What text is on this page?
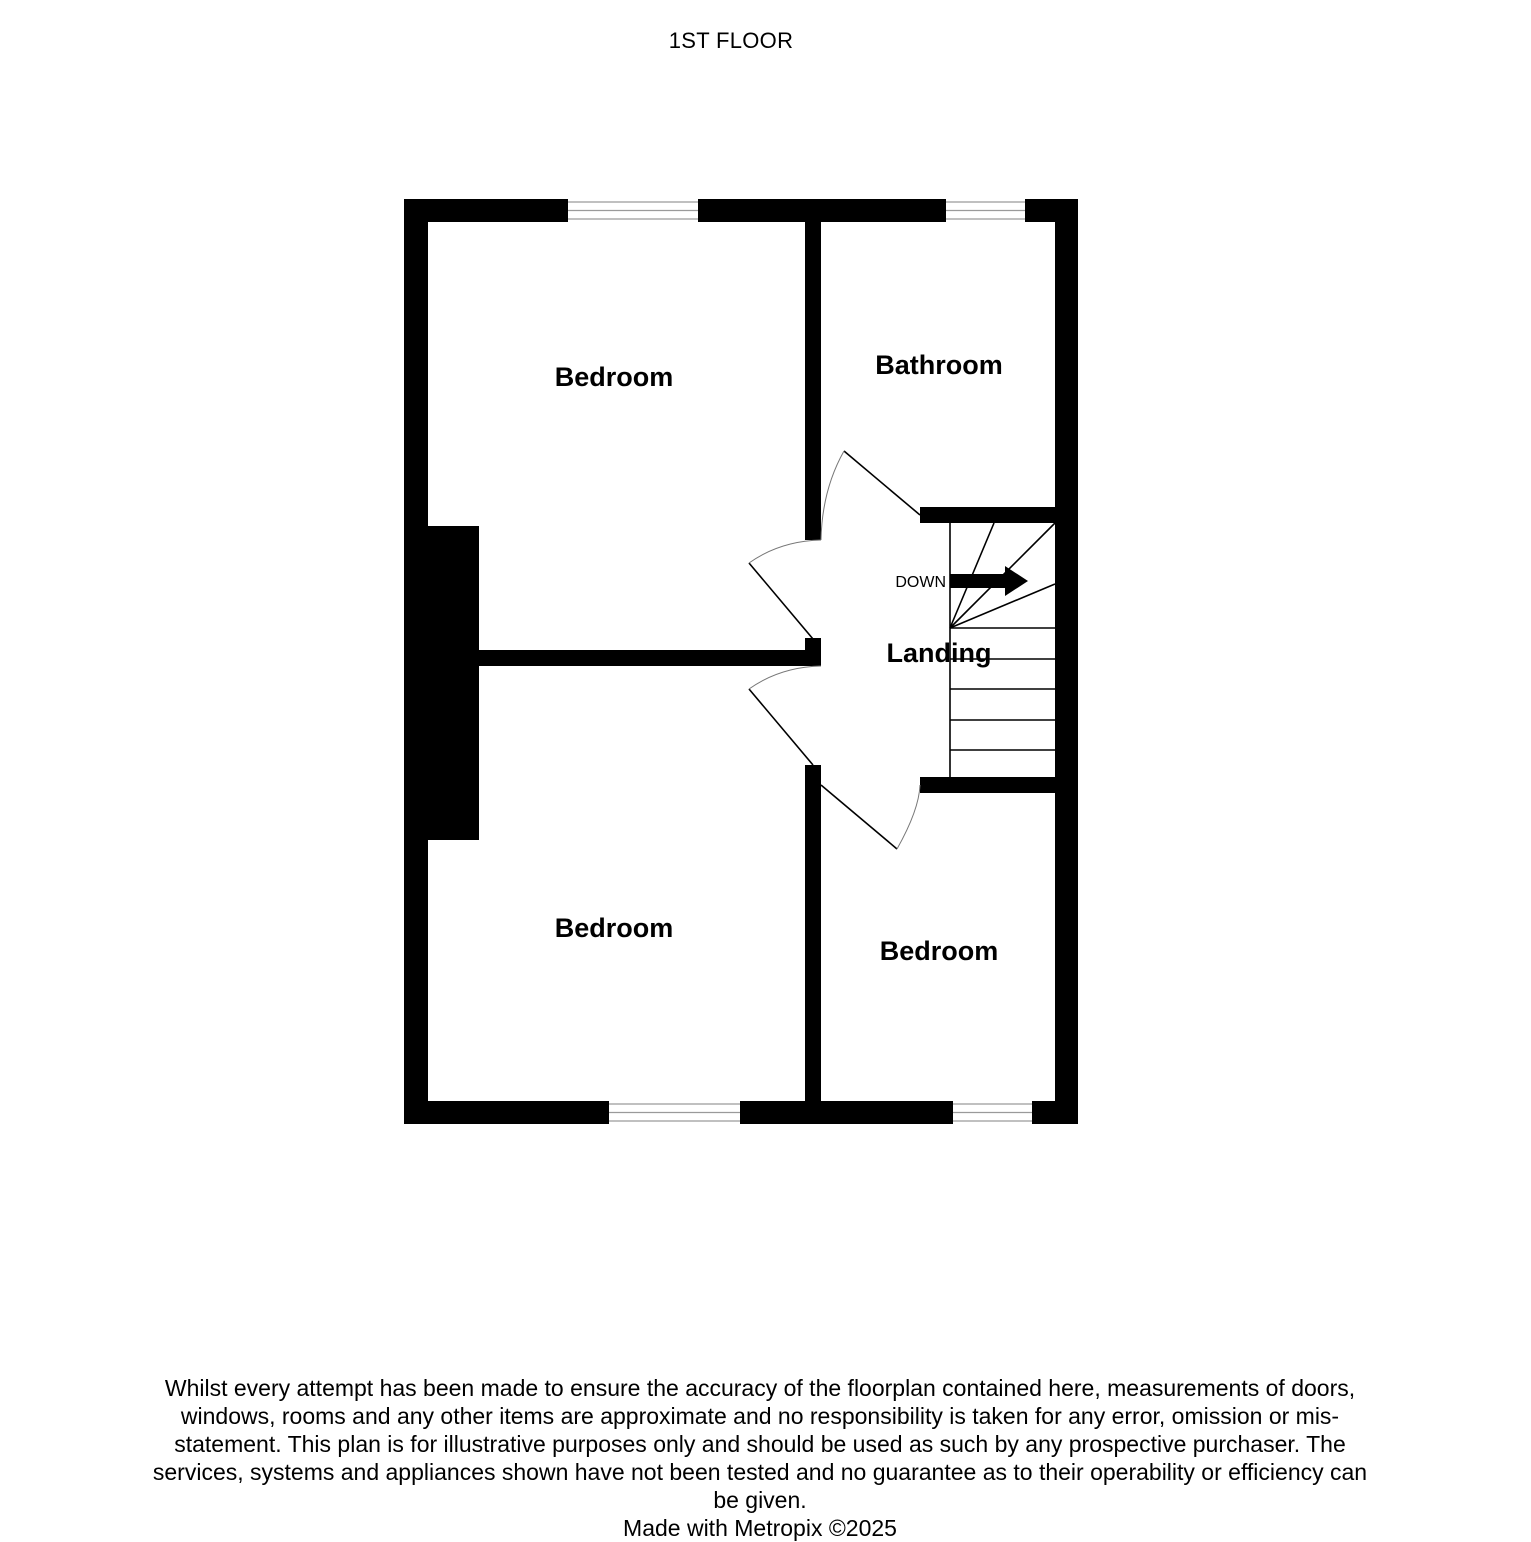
1ST FLOOR
DOWN
Bedroom	Bathroom
Landing
Bedroom
Bedroom

Whilst every attempt has been made to ensure the accuracy of the floorplan contained here, measurements of doors, windows, rooms and any other items are approximate and no responsibility is taken for any error, omission or mis-statement. This plan is for illustrative purposes only and should be used as such by any prospective purchaser. The services, systems and appliances shown have not been tested and no guarantee as to their operability or efficiency can be given.

Made with Metropix ©2025
